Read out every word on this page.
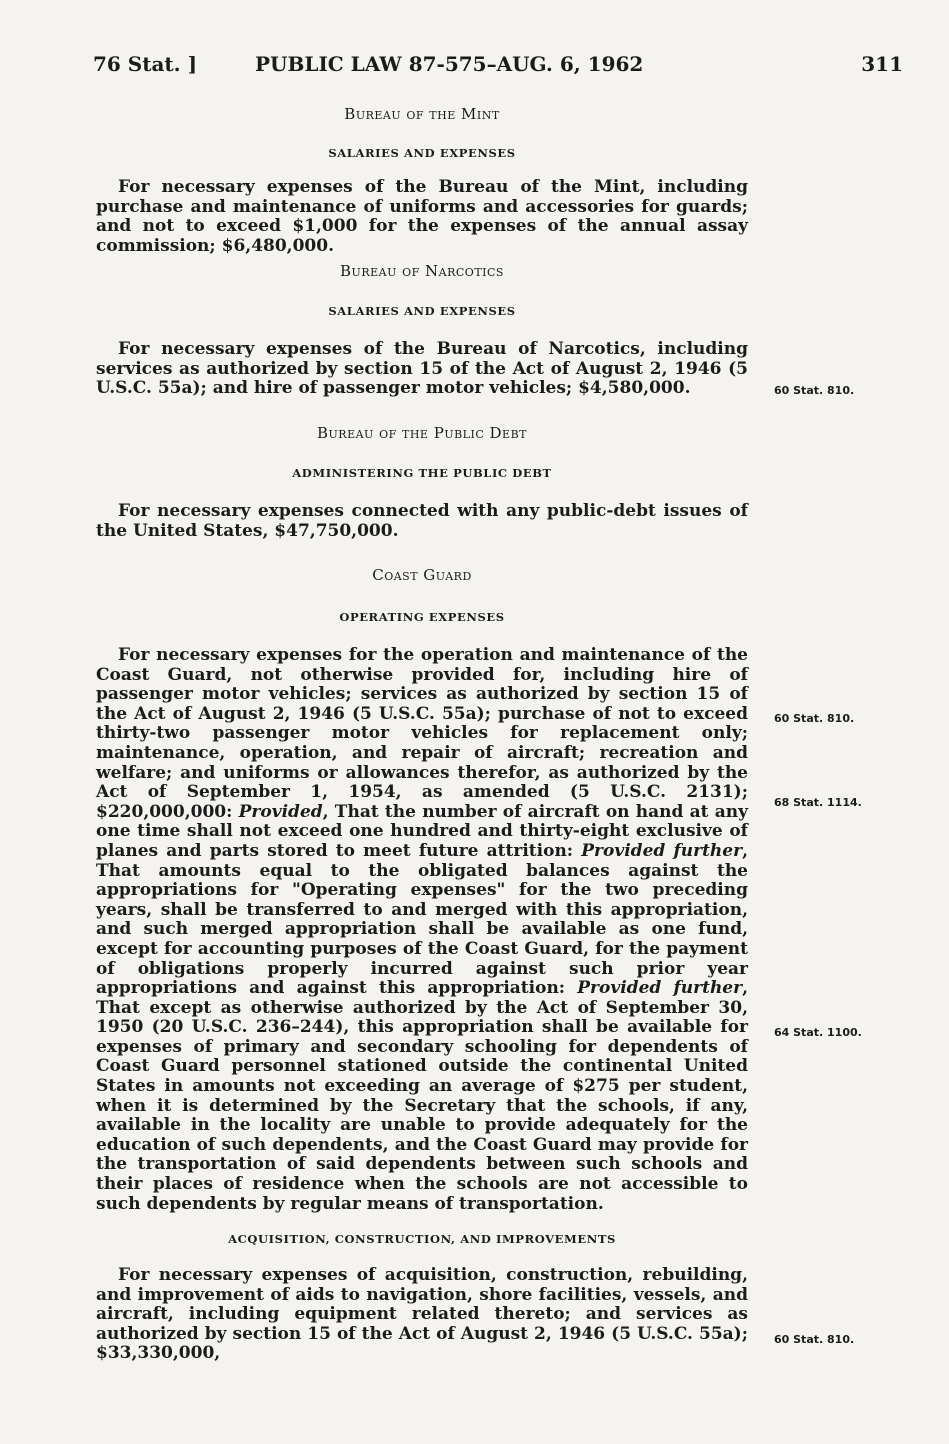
76 Stat. ]	PUBLIC LAW 87-575–AUG. 6, 1962	311
Bureau of the Mint
SALARIES AND EXPENSES

For necessary expenses of the Bureau of the Mint, including purchase and maintenance of uniforms and accessories for guards; and not to exceed $1,000 for the expenses of the annual assay commission; $6,480,000.

Bureau of Narcotics
SALARIES AND EXPENSES

For necessary expenses of the Bureau of Narcotics, including services as authorized by section 15 of the Act of August 2, 1946 (5 U.S.C. 55a); and hire of passenger motor vehicles; $4,580,000.	60 Stat. 810.
Bureau of the Public Debt
ADMINISTERING THE PUBLIC DEBT

For necessary expenses connected with any public-debt issues of the United States, $47,750,000.

Coast Guard
OPERATING EXPENSES

For necessary expenses for the operation and maintenance of the Coast Guard, not otherwise provided for, including hire of passenger motor vehicles; services as authorized by section 15 of the Act of August 2, 1946 (5 U.S.C. 55a); purchase of not to exceed thirty-two passenger motor vehicles for replacement only; maintenance, operation, and repair of aircraft; recreation and welfare; and uniforms or allowances therefor, as authorized by the Act of September 1, 1954, as amended (5 U.S.C. 2131); $220,000,000: Provided, That the number of aircraft on hand at any one time shall not exceed one hundred and thirty-eight exclusive of planes and parts stored to meet future attrition: Provided further, That amounts equal to the obligated balances against the appropriations for "Operating expenses" for the two preceding years, shall be transferred to and merged with this appropriation, and such merged appropriation shall be available as one fund, except for accounting purposes of the Coast Guard, for the payment of obligations properly incurred against such prior year appropriations and against this appropriation: Provided further, That except as otherwise authorized by the Act of September 30, 1950 (20 U.S.C. 236–244), this appropriation shall be available for expenses of primary and secondary schooling for dependents of Coast Guard personnel stationed outside the continental United States in amounts not exceeding an average of $275 per student, when it is determined by the Secretary that the schools, if any, available in the locality are unable to provide adequately for the education of such dependents, and the Coast Guard may provide for the transportation of said dependents between such schools and their places of residence when the schools are not accessible to such dependents by regular means of transportation.

60 Stat. 810.
68 Stat. 1114.
64 Stat. 1100.
ACQUISITION, CONSTRUCTION, AND IMPROVEMENTS

For necessary expenses of acquisition, construction, rebuilding, and improvement of aids to navigation, shore facilities, vessels, and aircraft, including equipment related thereto; and services as authorized by section 15 of the Act of August 2, 1946 (5 U.S.C. 55a); $33,330,000,

60 Stat. 810.
